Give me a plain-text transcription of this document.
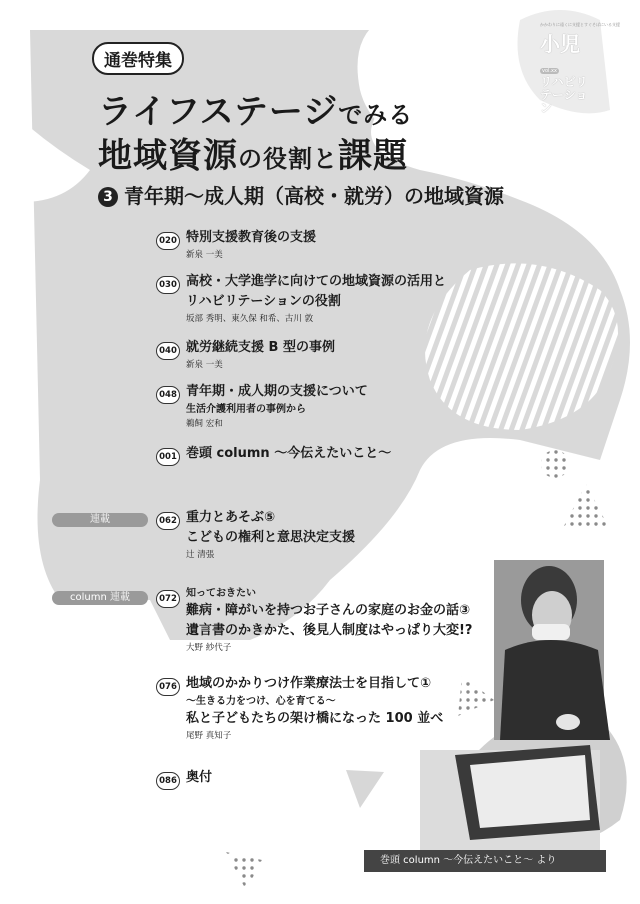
通巻特集
ライフステージでみる
地域資源の役割と課題
3 青年期～成人期（高校・就労）の地域資源
かかわりに遠くに支援とすぐそばにいる支援
小児 vol.xx
リハビリ
テーション
020 特別支援教育後の支援
新泉 一美
030 高校・大学進学に向けての地域資源の活用と
リハビリテーションの役割
坂部 秀明、東久保 和希、古川 敦
040 就労継続支援 B 型の事例
新泉 一美
048 青年期・成人期の支援について
生活介護利用者の事例から
鵜飼 宏和
001 巻頭 column ～今伝えたいこと～
連載	062 重力とあそぶ⑤
こどもの権利と意思決定支援
辻 清張
column 連載	072 知っておきたい
難病・障がいを持つお子さんの家庭のお金の話③
遺言書のかきかた、後見人制度はやっぱり大変!?
大野 紗代子
076 地域のかかりつけ作業療法士を目指して①
～生きる力をつけ、心を育てる～
私と子どもたちの架け橋になった 100 並べ
尾野 真知子
086 奥付
巻頭 column ～今伝えたいこと～ より
